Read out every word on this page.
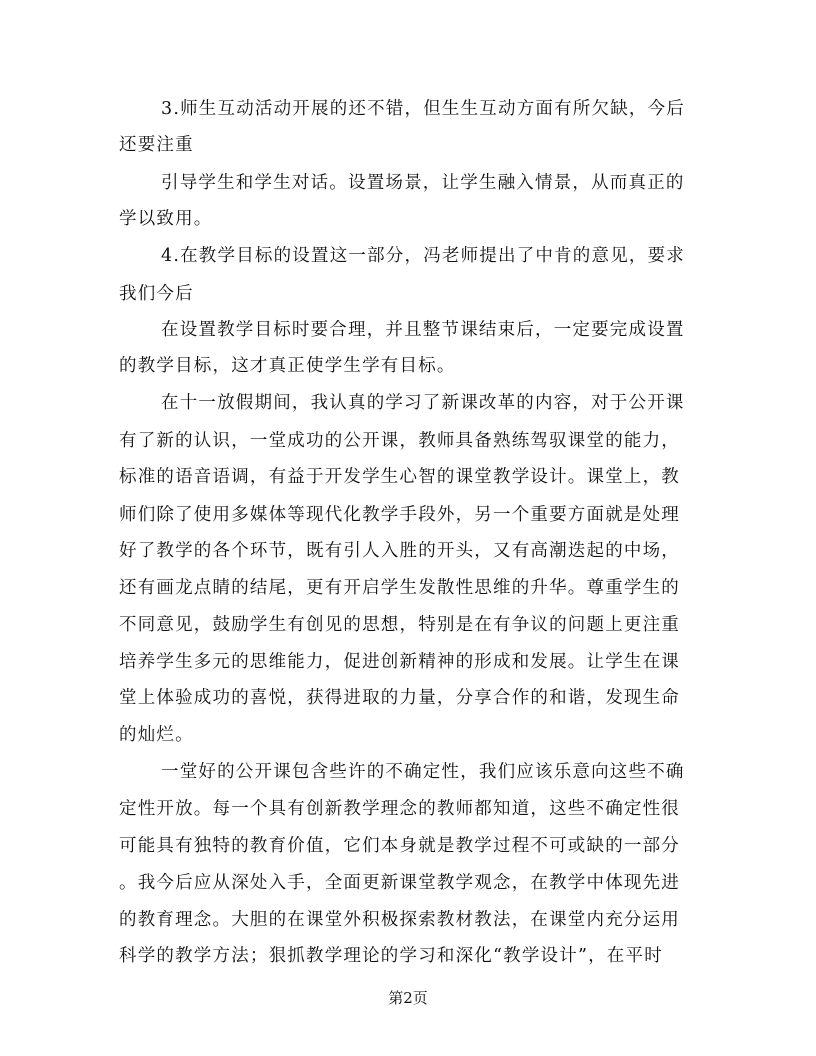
3.师生互动活动开展的还不错，但生生互动方面有所欠缺，今后

还要注重

引导学生和学生对话。设置场景，让学生融入情景，从而真正的

学以致用。

4.在教学目标的设置这一部分，冯老师提出了中肯的意见，要求

我们今后

在设置教学目标时要合理，并且整节课结束后，一定要完成设置

的教学目标，这才真正使学生学有目标。

在十一放假期间，我认真的学习了新课改革的内容，对于公开课

有了新的认识，一堂成功的公开课，教师具备熟练驾驭课堂的能力，

标准的语音语调，有益于开发学生心智的课堂教学设计。课堂上，教

师们除了使用多媒体等现代化教学手段外，另一个重要方面就是处理

好了教学的各个环节，既有引人入胜的开头，又有高潮迭起的中场，

还有画龙点睛的结尾，更有开启学生发散性思维的升华。尊重学生的

不同意见，鼓励学生有创见的思想，特别是在有争议的问题上更注重

培养学生多元的思维能力，促进创新精神的形成和发展。让学生在课

堂上体验成功的喜悦，获得进取的力量，分享合作的和谐，发现生命

的灿烂。

一堂好的公开课包含些许的不确定性，我们应该乐意向这些不确

定性开放。每一个具有创新教学理念的教师都知道，这些不确定性很

可能具有独特的教育价值，它们本身就是教学过程不可或缺的一部分

。我今后应从深处入手，全面更新课堂教学观念，在教学中体现先进

的教育理念。大胆的在课堂外积极探索教材教法，在课堂内充分运用

科学的教学方法；狠抓教学理论的学习和深化“教学设计”，在平时

第2页
